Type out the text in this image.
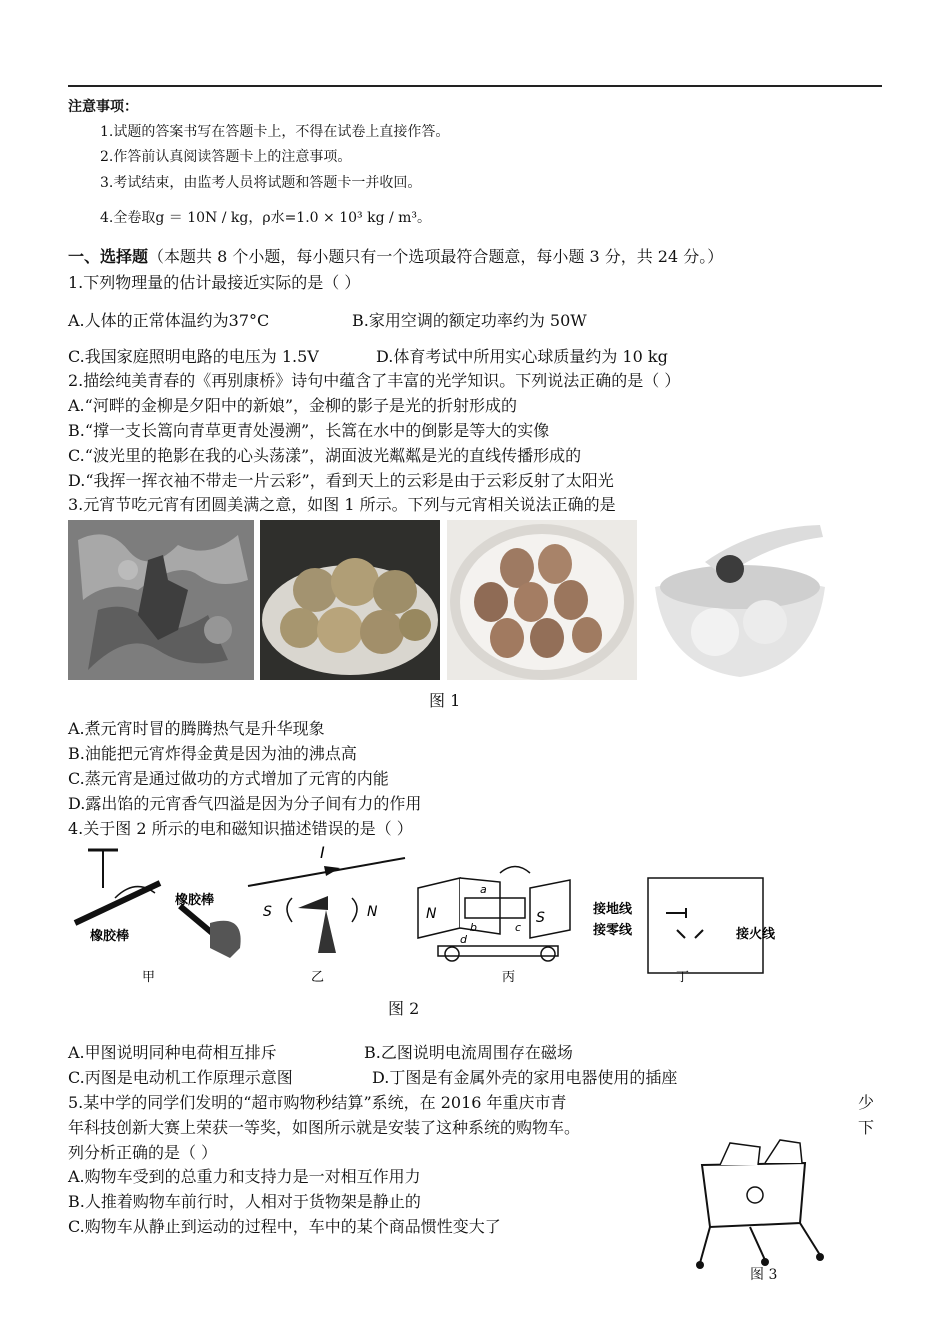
注意事项：
1.试题的答案书写在答题卡上，不得在试卷上直接作答。
2.作答前认真阅读答题卡上的注意事项。
3.考试结束，由监考人员将试题和答题卡一并收回。
4.全卷取g ＝ 10N / kg，ρ水=1.0 × 10³ kg / m³。
一、选择题（本题共 8 个小题，每小题只有一个选项最符合题意，每小题 3 分，共 24 分。）
1.下列物理量的估计最接近实际的是（ ）
A.人体的正常体温约为37°C	B.家用空调的额定功率约为 50W
C.我国家庭照明电路的电压为 1.5V	D.体育考试中所用实心球质量约为 10 kg
2.描绘纯美青春的《再别康桥》诗句中蕴含了丰富的光学知识。下列说法正确的是（ ）
A.“河畔的金柳是夕阳中的新娘”，金柳的影子是光的折射形成的
B.“撑一支长篙向青草更青处漫溯”，长篙在水中的倒影是等大的实像
C.“波光里的艳影在我的心头荡漾”，湖面波光粼粼是光的直线传播形成的
D.“我挥一挥衣袖不带走一片云彩”，看到天上的云彩是由于云彩反射了太阳光
3.元宵节吃元宵有团圆美满之意，如图 1 所示。下列与元宵相关说法正确的是
图 1
A.煮元宵时冒的腾腾热气是升华现象
B.油能把元宵炸得金黄是因为油的沸点高
C.蒸元宵是通过做功的方式增加了元宵的内能
D.露出馅的元宵香气四溢是因为分子间有力的作用
4.关于图 2 所示的电和磁知识描述错误的是（ ）
橡胶棒
橡胶棒
甲
I
S	N
乙
N	S
a
b	c
d
丙
接地线
接零线	接火线
丁
图 2
A.甲图说明同种电荷相互排斥	B.乙图说明电流周围存在磁场
C.丙图是电动机工作原理示意图	D.丁图是有金属外壳的家用电器使用的插座
5.某中学的同学们发明的“超市购物秒结算”系统，在 2016 年重庆市青	少
年科技创新大赛上荣获一等奖，如图所示就是安装了这种系统的购物车。	下
列分析正确的是（ ）
A.购物车受到的总重力和支持力是一对相互作用力
B.人推着购物车前行时，人相对于货物架是静止的
C.购物车从静止到运动的过程中，车中的某个商品惯性变大了
图 3
